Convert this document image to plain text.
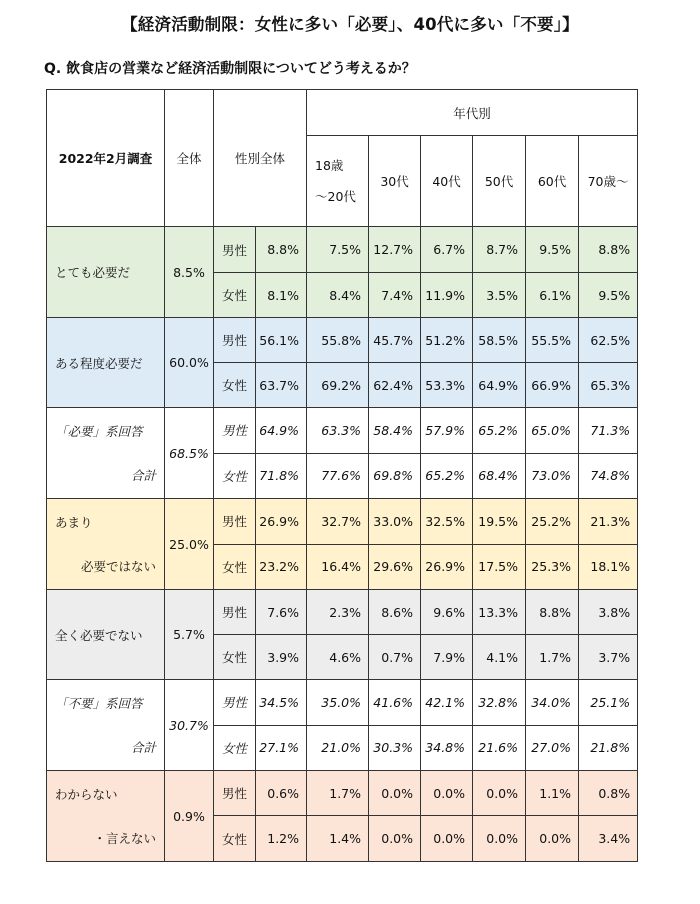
【経済活動制限：女性に多い「必要」、40代に多い「不要」】
Q. 飲食店の営業など経済活動制限についてどう考えるか？
2022年2月調査	全体	性別全体		年代別					
				18歳
～20代	30代	40代	50代	60代	70歳～
とても必要だ	8.5%	男性	8.8%	7.5%	12.7%	6.7%	8.7%	9.5%	8.8%
		女性	8.1%	8.4%	7.4%	11.9%	3.5%	6.1%	9.5%
ある程度必要だ	60.0%	男性	56.1%	55.8%	45.7%	51.2%	58.5%	55.5%	62.5%
		女性	63.7%	69.2%	62.4%	53.3%	64.9%	66.9%	65.3%

「必要」系回答
合計	68.5%	男性	64.9%	63.3%	58.4%	57.9%	65.2%	65.0%	71.3%
		女性	71.8%	77.6%	69.8%	65.2%	68.4%	73.0%	74.8%

あまり
必要ではない	25.0%	男性	26.9%	32.7%	33.0%	32.5%	19.5%	25.2%	21.3%
		女性	23.2%	16.4%	29.6%	26.9%	17.5%	25.3%	18.1%
全く必要でない	5.7%	男性	7.6%	2.3%	8.6%	9.6%	13.3%	8.8%	3.8%
		女性	3.9%	4.6%	0.7%	7.9%	4.1%	1.7%	3.7%

「不要」系回答
合計	30.7%	男性	34.5%	35.0%	41.6%	42.1%	32.8%	34.0%	25.1%
		女性	27.1%	21.0%	30.3%	34.8%	21.6%	27.0%	21.8%

わからない
・言えない	0.9%	男性	0.6%	1.7%	0.0%	0.0%	0.0%	1.1%	0.8%
		女性	1.2%	1.4%	0.0%	0.0%	0.0%	0.0%	3.4%
